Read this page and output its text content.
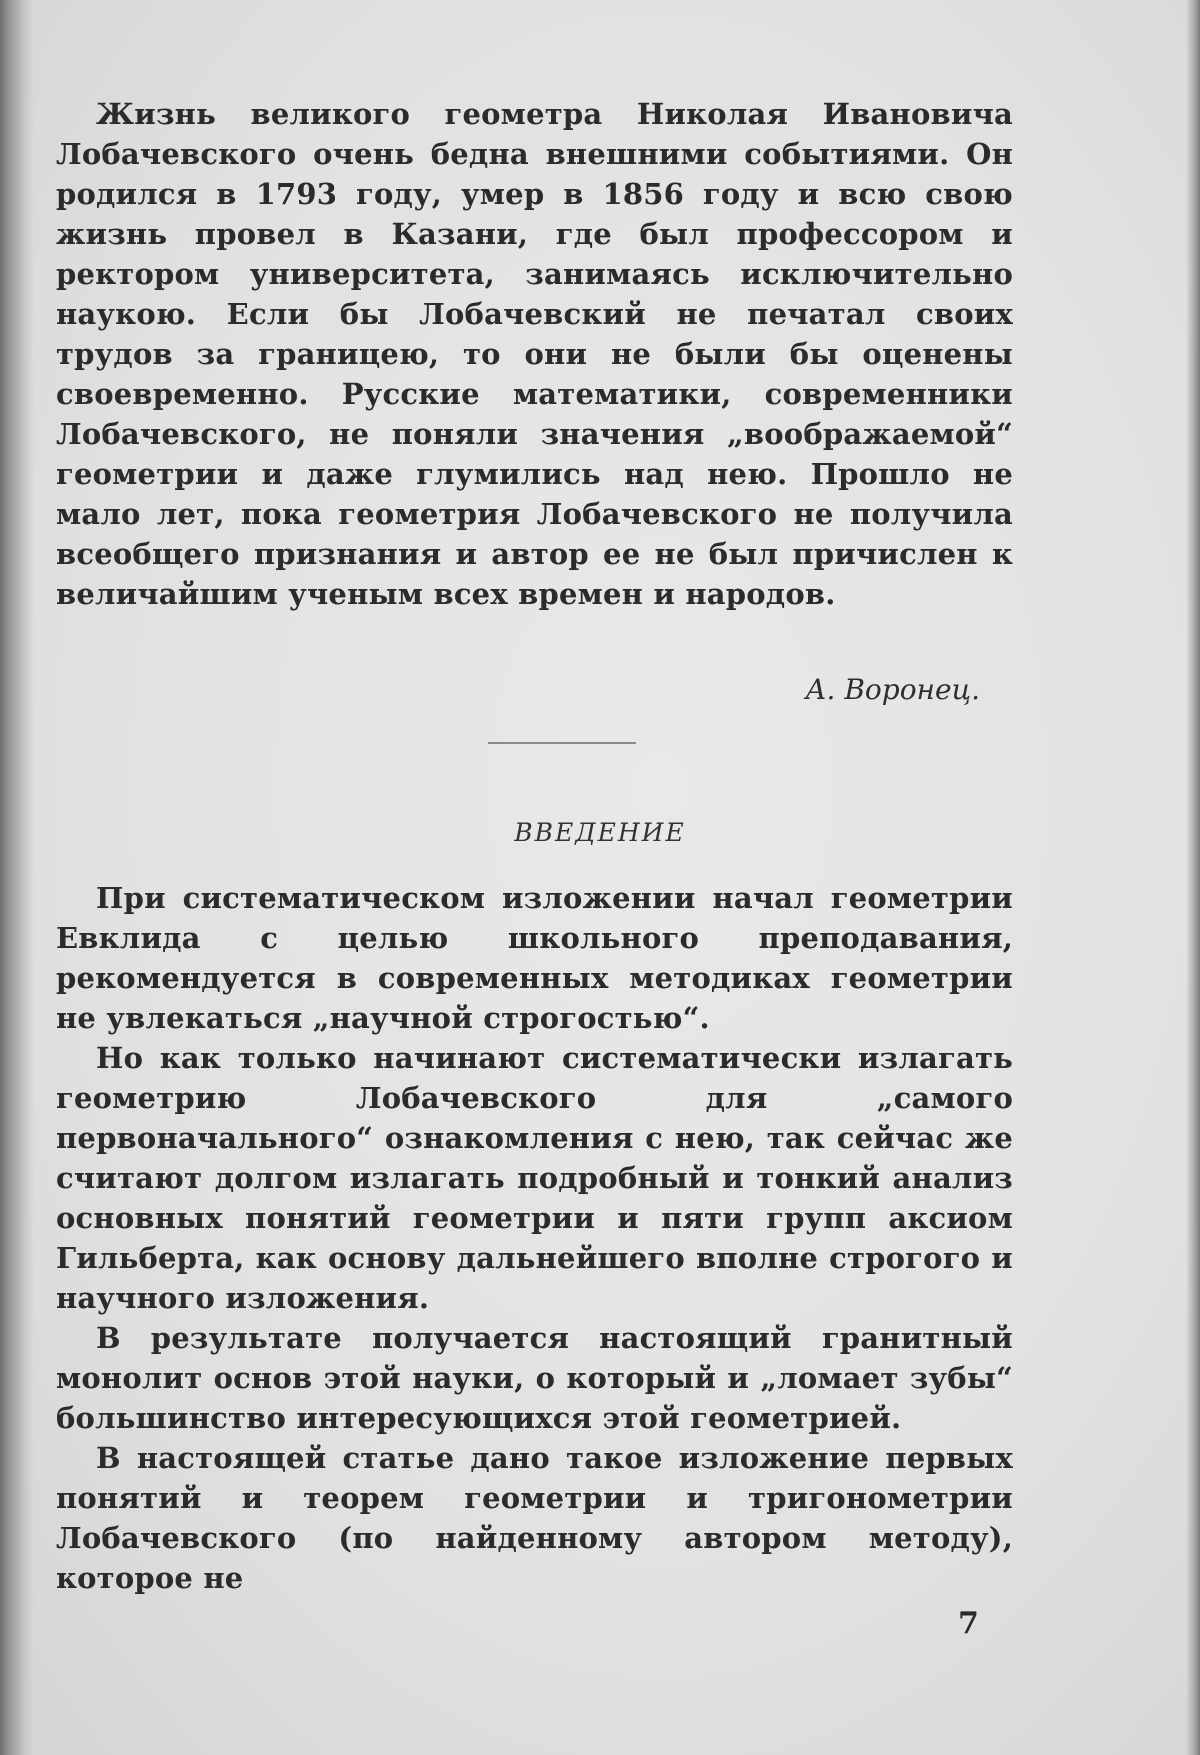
Жизнь великого геометра Николая Ивановича Лобачевского очень бедна внешними событиями. Он родился в 1793 году, умер в 1856 году и всю свою жизнь провел в Казани, где был профессором и ректором университета, занимаясь исключительно наукою. Если бы Лобачевский не печатал своих трудов за границею, то они не были бы оценены своевременно. Русские математики, современники Лобачевского, не поняли значения „воображаемой“ геометрии и даже глумились над нею. Прошло не мало лет, пока геометрия Лобачевского не получила всеобщего признания и автор ее не был причислен к величайшим ученым всех времен и народов.

А. Воронец.
ВВЕДЕНИЕ

При систематическом изложении начал геометрии Евклида с целью школьного преподавания, рекомендуется в современных методиках геометрии не увлекаться „научной строгостью“.

Но как только начинают систематически излагать геометрию Лобачевского для „самого первоначального“ ознакомления с нею, так сейчас же считают долгом излагать подробный и тонкий анализ основных понятий геометрии и пяти групп аксиом Гильберта, как основу дальнейшего вполне строгого и научного изложения.

В результате получается настоящий гранитный монолит основ этой науки, о который и „ломает зубы“ большинство интересующихся этой геометрией.

В настоящей статье дано такое изложение первых понятий и теорем геометрии и тригонометрии Лобачевского (по найденному автором методу), которое не

7
